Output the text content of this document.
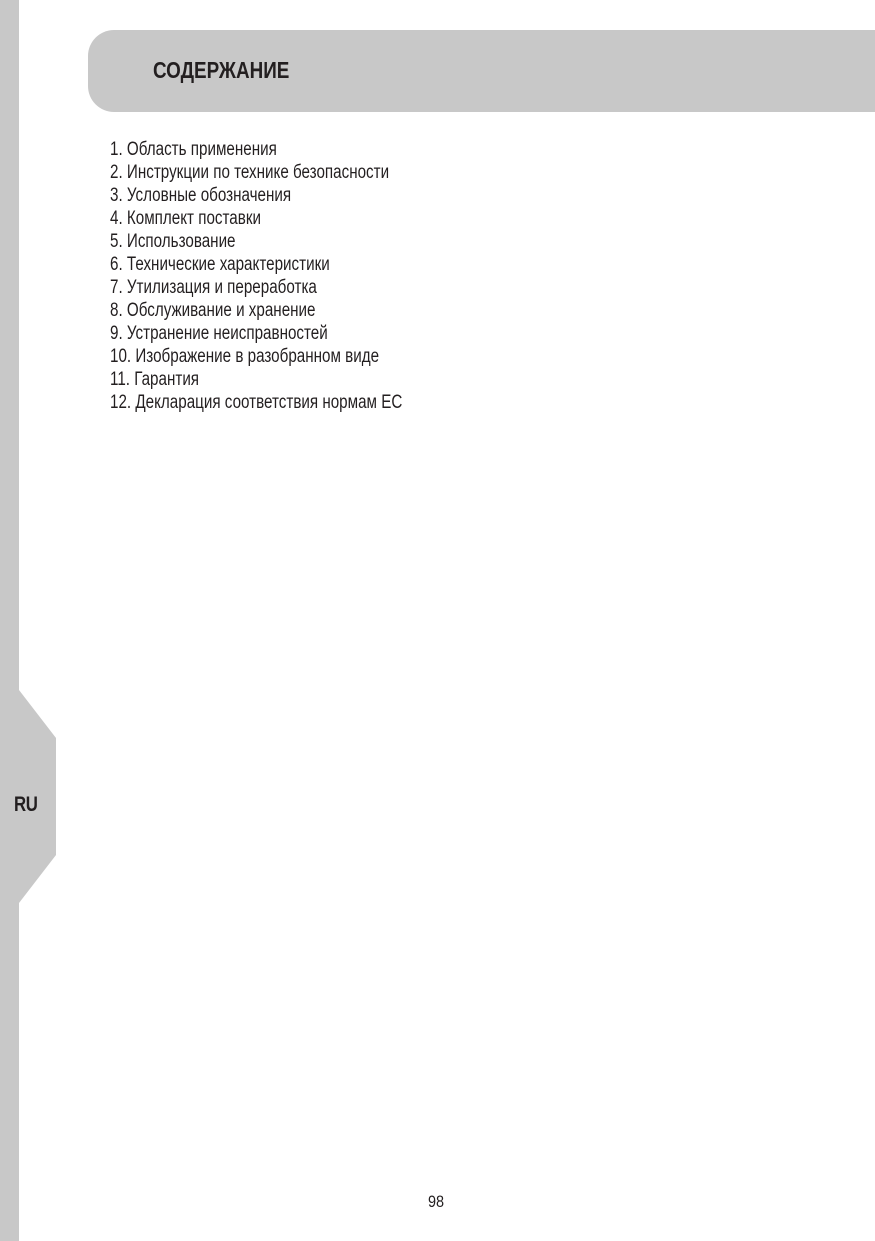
RU
СОДЕРЖАНИЕ
1. Область применения
2. Инструкции по технике безопасности
3. Условные обозначения
4. Комплект поставки
5. Использование
6. Технические характеристики
7. Утилизация и переработка
8. Обслуживание и хранение
9. Устранение неисправностей
10. Изображение в разобранном виде
11. Гарантия
12. Декларация соответствия нормам ЕС
98
